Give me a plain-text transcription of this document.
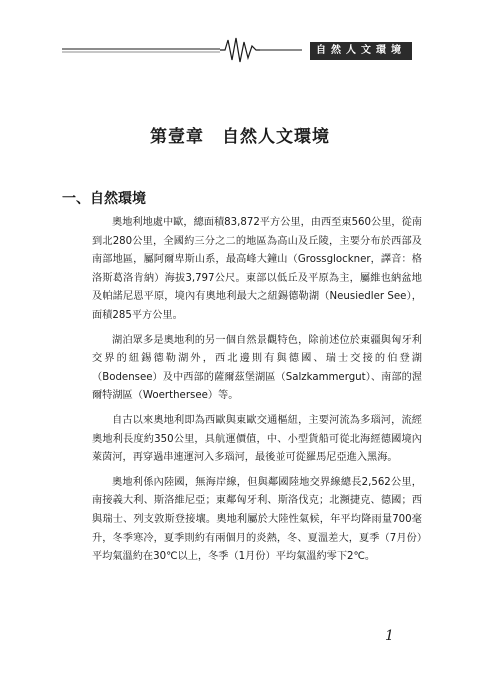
自然人文環境
第壹章　自然人文環境
一、自然環境

奧地利地處中歐，總面積83,872平方公里，由西至東560公里，從南到北280公里，全國約三分之二的地區為高山及丘陵，主要分布於西部及南部地區，屬阿爾卑斯山系，最高峰大鐘山（Grossglockner，譯音：格洛斯葛洛肯納）海拔3,797公尺。東部以低丘及平原為主，屬維也納盆地及帕諾尼恩平原，境內有奧地利最大之紐錫德勒湖（Neusiedler See），面積285平方公里。

湖泊眾多是奧地利的另一個自然景觀特色，除前述位於東疆與匈牙利交界的紐錫德勒湖外，西北邊則有與德國、瑞士交接的伯登湖（Bodensee）及中西部的薩爾茲堡湖區（Salzkammergut）、南部的渥爾特湖區（Woerthersee）等。

自古以來奧地利即為西歐與東歐交通樞紐，主要河流為多瑙河，流經奧地利長度約350公里，具航運價值，中、小型貨船可從北海經德國境內萊茵河，再穿過串連運河入多瑙河，最後並可從羅馬尼亞進入黑海。

奧地利係內陸國，無海岸線，但與鄰國陸地交界線總長2,562公里，南接義大利、斯洛維尼亞；東鄰匈牙利、斯洛伐克；北瀕捷克、德國；西與瑞士、列支敦斯登接壤。奧地利屬於大陸性氣候，年平均降雨量700毫升，冬季寒冷，夏季則約有兩個月的炎熱，冬、夏溫差大，夏季（7月份）平均氣溫約在30℃以上，冬季（1月份）平均氣溫約零下2℃。

1
